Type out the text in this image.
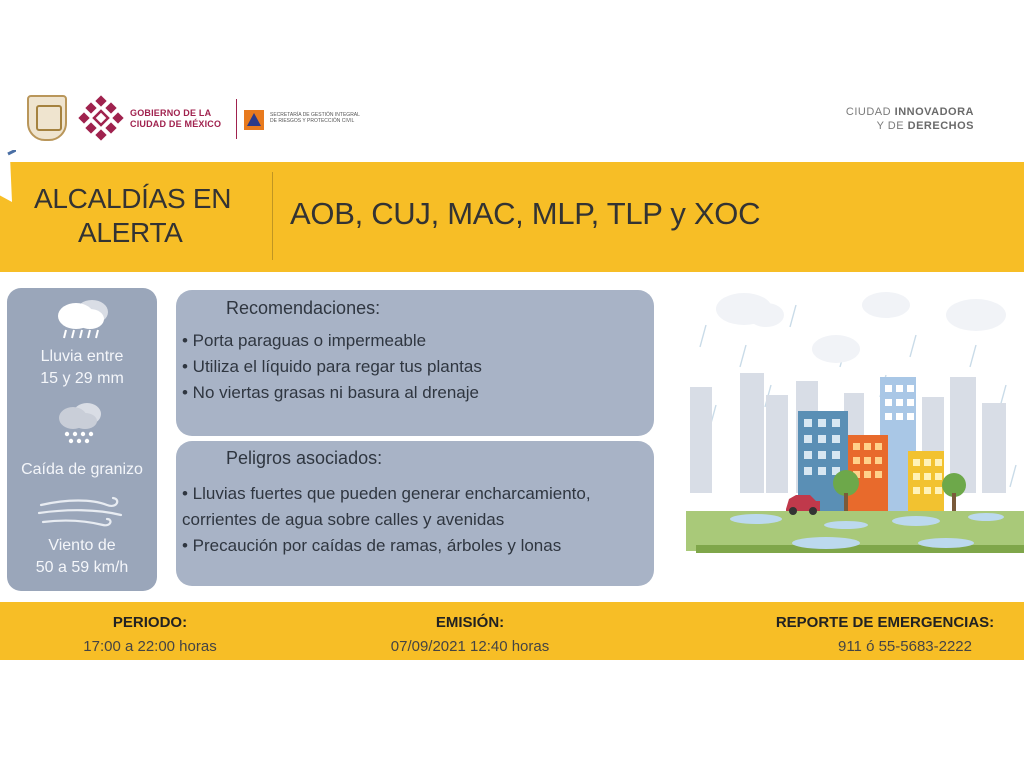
GOBIERNO DE LA
CIUDAD DE MÉXICO
SECRETARÍA DE GESTIÓN INTEGRAL
DE RIESGOS Y PROTECCIÓN CIVIL
CIUDAD INNOVADORA
Y DE DERECHOS
ALCALDÍAS EN
ALERTA
AOB, CUJ, MAC, MLP, TLP y XOC
Lluvia entre
15 y 29 mm
Caída de granizo
Viento de
50 a 59 km/h
Recomendaciones:
• Porta paraguas o impermeable
• Utiliza el líquido para regar tus plantas
• No viertas grasas ni basura al drenaje
Peligros asociados:
• Lluvias fuertes que pueden generar encharcamiento,
corrientes de agua sobre calles y avenidas
• Precaución por caídas de ramas, árboles y lonas
PERIODO:
17:00 a 22:00 horas
EMISIÓN:
07/09/2021 12:40 horas
REPORTE DE EMERGENCIAS:
911 ó 55-5683-2222
